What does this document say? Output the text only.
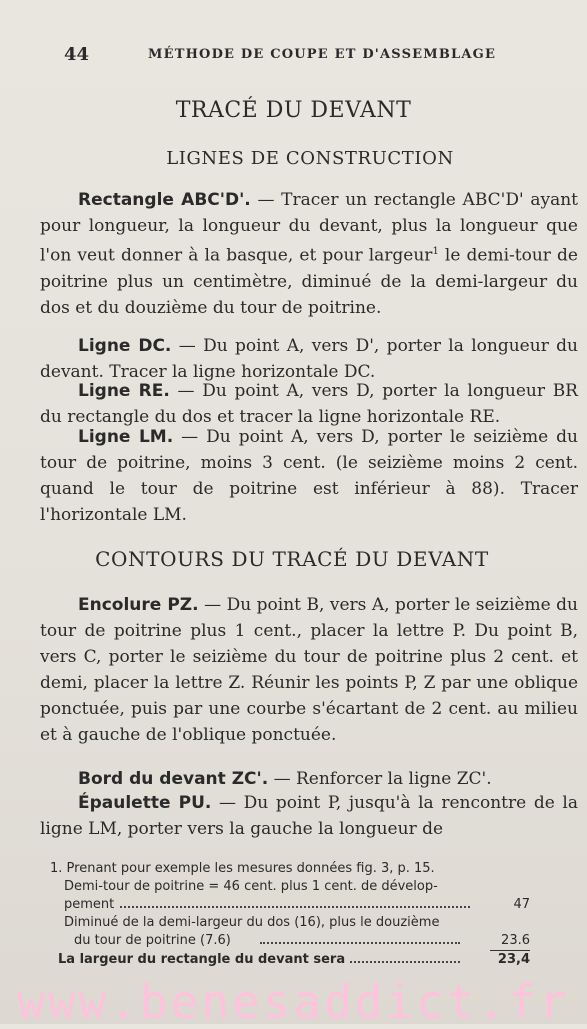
44	MÉTHODE DE COUPE ET D'ASSEMBLAGE
TRACÉ DU DEVANT
LIGNES DE CONSTRUCTION
Rectangle ABC'D'. — Tracer un rectangle ABC'D' ayant pour longueur, la longueur du devant, plus la longueur que l'on veut donner à la basque, et pour largeur$^1$ le demi-tour de poitrine plus un centimètre, diminué de la demi-largeur du dos et du douzième du tour de poitrine.
Ligne DC. — Du point A, vers D', porter la longueur du devant. Tracer la ligne horizontale DC.
Ligne RE. — Du point A, vers D, porter la longueur BR du rectangle du dos et tracer la ligne horizontale RE.
Ligne LM. — Du point A, vers D, porter le seizième du tour de poitrine, moins 3 cent. (le seizième moins 2 cent. quand le tour de poitrine est inférieur à 88). Tracer l'horizontale LM.
CONTOURS DU TRACÉ DU DEVANT
Encolure PZ. — Du point B, vers A, porter le seizième du tour de poitrine plus 1 cent., placer la lettre P. Du point B, vers C, porter le seizième du tour de poitrine plus 2 cent. et demi, placer la lettre Z. Réunir les points P, Z par une oblique ponctuée, puis par une courbe s'écartant de 2 cent. au milieu et à gauche de l'oblique ponctuée.
Bord du devant ZC'. — Renforcer la ligne ZC'.
Épaulette PU. — Du point P, jusqu'à la rencontre de la ligne LM, porter vers la gauche la longueur de
1. Prenant pour exemple les mesures données fig. 3, p. 15.
Demi-tour de poitrine = 46 cent. plus 1 cent. de dévelop-
pement	47
Diminué de la demi-largeur du dos (16), plus le douzième
du tour de poitrine (7.6)	23.6
La largeur du rectangle du devant sera	23,4
www.benesaddict.fr
